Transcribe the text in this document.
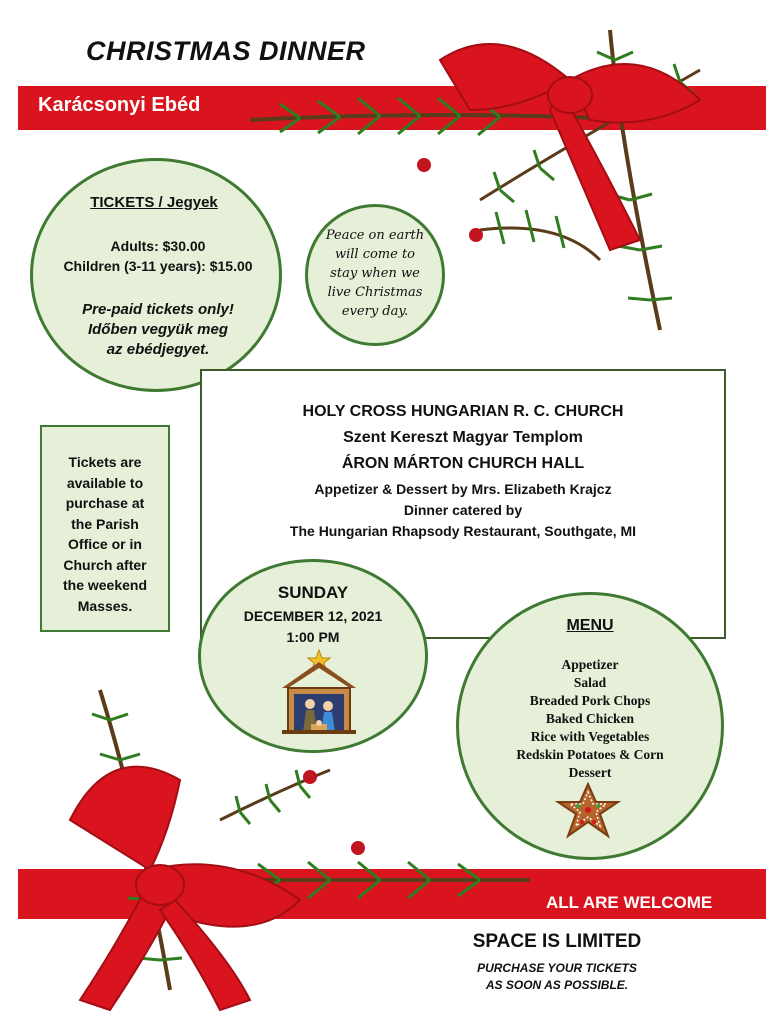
CHRISTMAS DINNER
Karácsonyi Ebéd
TICKETS / Jegyek
Adults: $30.00
Children (3-11 years): $15.00
Pre-paid tickets only!
Időben vegyük meg
az ebédjegyet.
Peace on earth
will come to
stay when we
live Christmas
every day.
HOLY CROSS HUNGARIAN R. C. CHURCH
Szent Kereszt Magyar Templom
ÁRON MÁRTON CHURCH HALL
Appetizer & Dessert by Mrs. Elizabeth Krajcz
Dinner catered by
The Hungarian Rhapsody Restaurant, Southgate, MI
Tickets are
available to
purchase at
the Parish
Office or in
Church after
the weekend
Masses.
SUNDAY
DECEMBER 12, 2021
1:00 PM
MENU
Appetizer
Salad
Breaded Pork Chops
Baked Chicken
Rice with Vegetables
Redskin Potatoes & Corn
Dessert
ALL ARE WELCOME
SPACE IS LIMITED
PURCHASE YOUR TICKETS
AS SOON AS POSSIBLE.
